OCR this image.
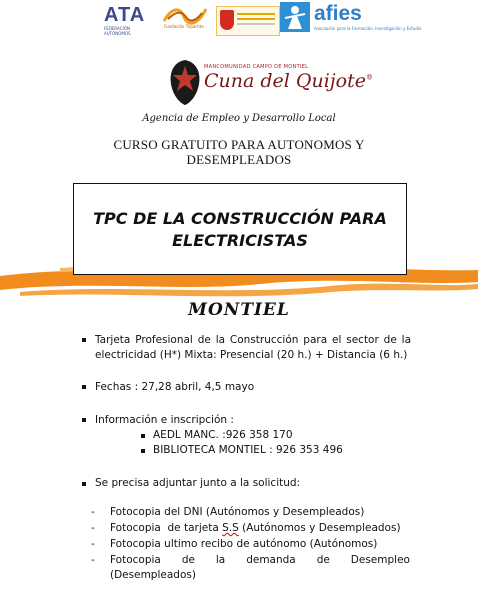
ATA
FEDERACIÓN AUTÓNOMOS
Fundación Tripartita
afies
Asociación para la Formación, Investigación y Estudio
MANCOMUNIDAD CAMPO DE MONTIEL
Cuna del Quijote®
Agencia de Empleo y Desarrollo Local
CURSO GRATUITO PARA AUTONOMOS Y
DESEMPLEADOS
TPC DE LA CONSTRUCCIÓN PARA
ELECTRICISTAS
MONTIEL
Tarjeta Profesional de la Construcción para el sector de la electricidad (H*) Mixta: Presencial (20 h.) + Distancia (6 h.)
Fechas : 27,28 abril, 4,5 mayo
Información e inscripción :
AEDL MANC. :926 358 170
BIBLIOTECA MONTIEL : 926 353 496
Se precisa adjuntar junto a la solicitud:
- Fotocopia del DNI (Autónomos y Desempleados)
- Fotocopia  de tarjeta S.S (Autónomos y Desempleados)
- Fotocopia ultimo recibo de autónomo (Autónomos)
- Fotocopia de la demanda de Desempleo
(Desempleados)
